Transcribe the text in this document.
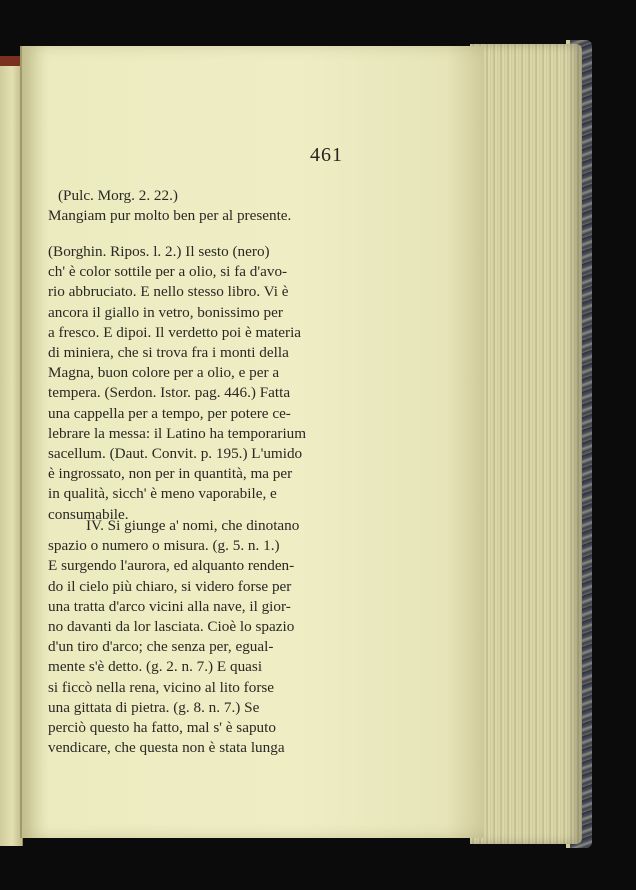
461
(Pulc. Morg. 2. 22.)
Mangiam pur molto ben per al presente.
(Borghin. Ripos. l. 2.) Il sesto (nero)
ch' è color sottile per a olio, si fa d'avo-
rio abbruciato. E nello stesso libro. Vi è
ancora il giallo in vetro, bonissimo per
a fresco. E dipoi. Il verdetto poi è materia
di miniera, che si trova fra i monti della
Magna, buon colore per a olio, e per a
tempera. (Serdon. Istor. pag. 446.) Fatta
una cappella per a tempo, per potere ce-
lebrare la messa: il Latino ha temporarium
sacellum. (Daut. Convit. p. 195.) L'umido
è ingrossato, non per in quantità, ma per
in qualità, sicch' è meno vaporabile, e
consumabile.
IV. Si giunge a' nomi, che dinotano
spazio o numero o misura. (g. 5. n. 1.)
E surgendo l'aurora, ed alquanto renden-
do il cielo più chiaro, si videro forse per
una tratta d'arco vicini alla nave, il gior-
no davanti da lor lasciata. Cioè lo spazio
d'un tiro d'arco; che senza per, egual-
mente s'è detto. (g. 2. n. 7.) E quasi
si ficcò nella rena, vicino al lito forse
una gittata di pietra. (g. 8. n. 7.) Se
perciò questo ha fatto, mal s' è saputo
vendicare, che questa non è stata lunga
